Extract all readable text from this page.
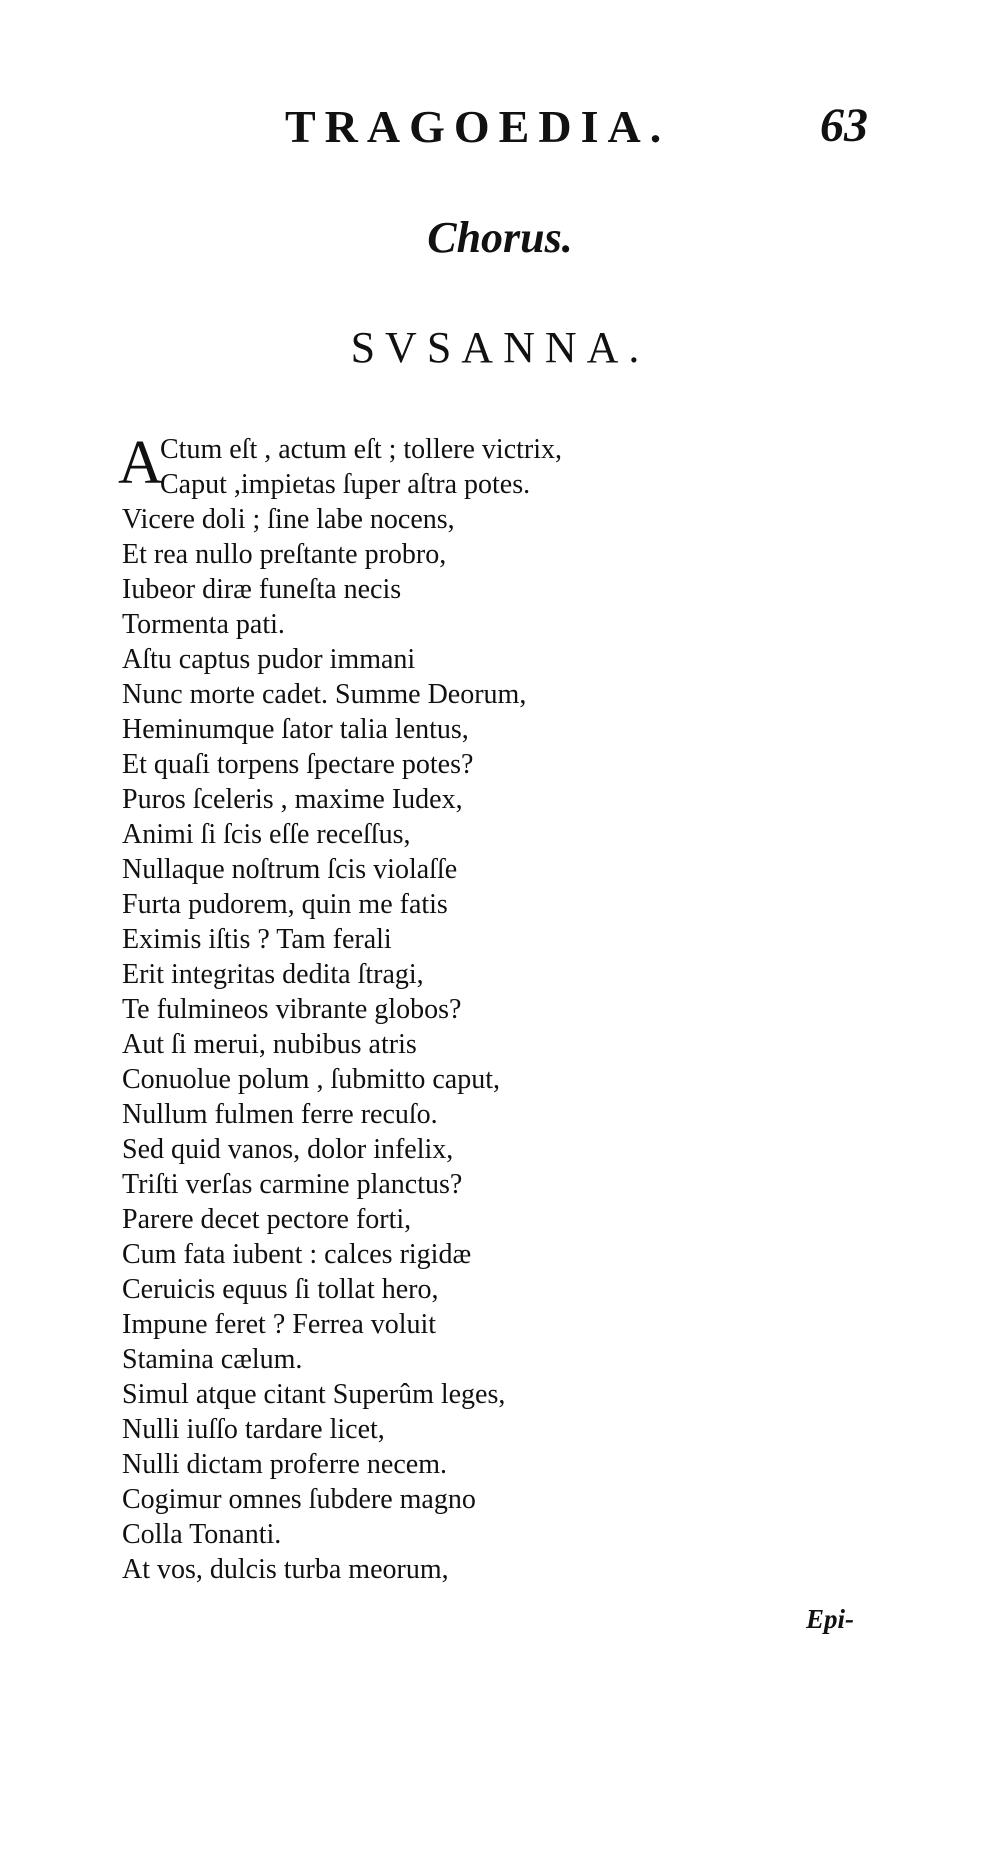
TRAGOEDIA.	63
Chorus.
SVSANNA.
A
Ctum eſt , actum eſt ; tollere victrix,
Caput ,impietas ſuper aſtra potes.
Vicere doli ; ſine labe nocens,
Et rea nullo preſtante probro,
Iubeor diræ funeſta necis
Tormenta pati.
Aſtu captus pudor immani
Nunc morte cadet. Summe Deorum,
Heminumque ſator talia lentus,
Et quaſi torpens ſpectare potes?
Puros ſceleris , maxime Iudex,
Animi ſi ſcis eſſe receſſus,
Nullaque noſtrum ſcis violaſſe
Furta pudorem, quin me fatis
Eximis iſtis ? Tam ferali
Erit integritas dedita ſtragi,
Te fulmineos vibrante globos?
Aut ſi merui, nubibus atris
Conuolue polum , ſubmitto caput,
Nullum fulmen ferre recuſo.
Sed quid vanos, dolor infelix,
Triſti verſas carmine planctus?
Parere decet pectore forti,
Cum fata iubent : calces rigidæ
Ceruicis equus ſi tollat hero,
Impune feret ? Ferrea voluit
Stamina cælum.
Simul atque citant Superûm leges,
Nulli iuſſo tardare licet,
Nulli dictam proferre necem.
Cogimur omnes ſubdere magno
Colla Tonanti.
At vos, dulcis turba meorum,
Epi-
